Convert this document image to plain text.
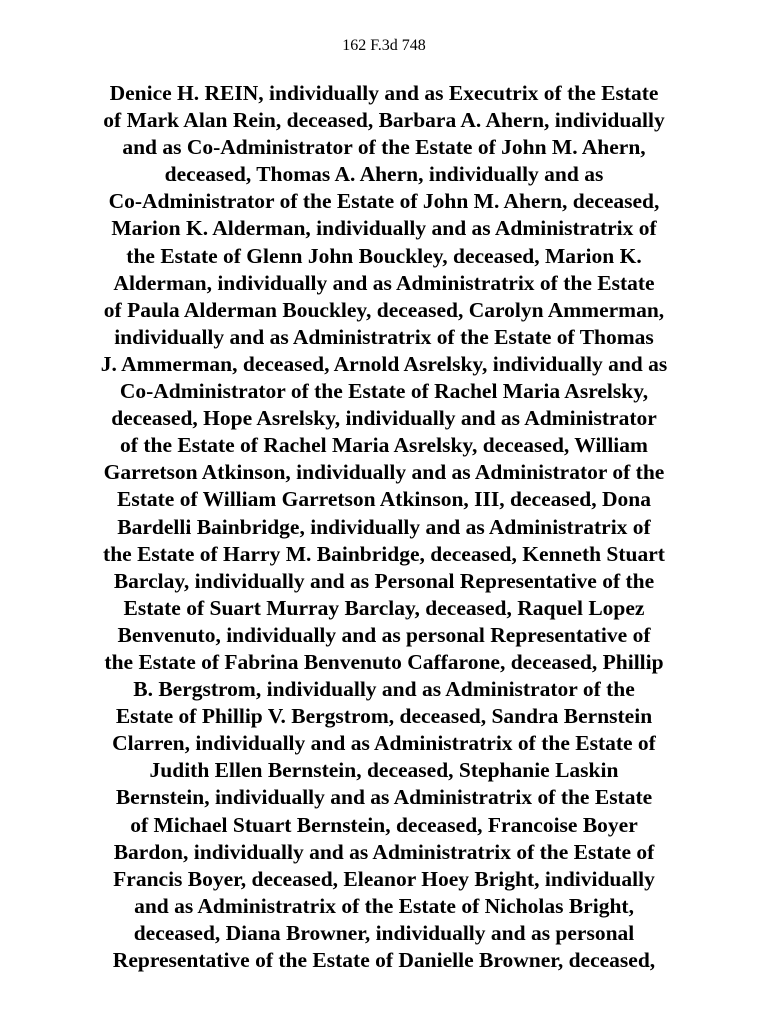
162 F.3d 748
Denice H. REIN, individually and as Executrix of the Estate
of Mark Alan Rein, deceased, Barbara A. Ahern, individually
and as Co-Administrator of the Estate of John M. Ahern,
deceased, Thomas A. Ahern, individually and as
Co-Administrator of the Estate of John M. Ahern, deceased,
Marion K. Alderman, individually and as Administratrix of
the Estate of Glenn John Bouckley, deceased, Marion K.
Alderman, individually and as Administratrix of the Estate
of Paula Alderman Bouckley, deceased, Carolyn Ammerman,
individually and as Administratrix of the Estate of Thomas
J. Ammerman, deceased, Arnold Asrelsky, individually and as
Co-Administrator of the Estate of Rachel Maria Asrelsky,
deceased, Hope Asrelsky, individually and as Administrator
of the Estate of Rachel Maria Asrelsky, deceased, William
Garretson Atkinson, individually and as Administrator of the
Estate of William Garretson Atkinson, III, deceased, Dona
Bardelli Bainbridge, individually and as Administratrix of
the Estate of Harry M. Bainbridge, deceased, Kenneth Stuart
Barclay, individually and as Personal Representative of the
Estate of Suart Murray Barclay, deceased, Raquel Lopez
Benvenuto, individually and as personal Representative of
the Estate of Fabrina Benvenuto Caffarone, deceased, Phillip
B. Bergstrom, individually and as Administrator of the
Estate of Phillip V. Bergstrom, deceased, Sandra Bernstein
Clarren, individually and as Administratrix of the Estate of
Judith Ellen Bernstein, deceased, Stephanie Laskin
Bernstein, individually and as Administratrix of the Estate
of Michael Stuart Bernstein, deceased, Francoise Boyer
Bardon, individually and as Administratrix of the Estate of
Francis Boyer, deceased, Eleanor Hoey Bright, individually
and as Administratrix of the Estate of Nicholas Bright,
deceased, Diana Browner, individually and as personal
Representative of the Estate of Danielle Browner, deceased,
